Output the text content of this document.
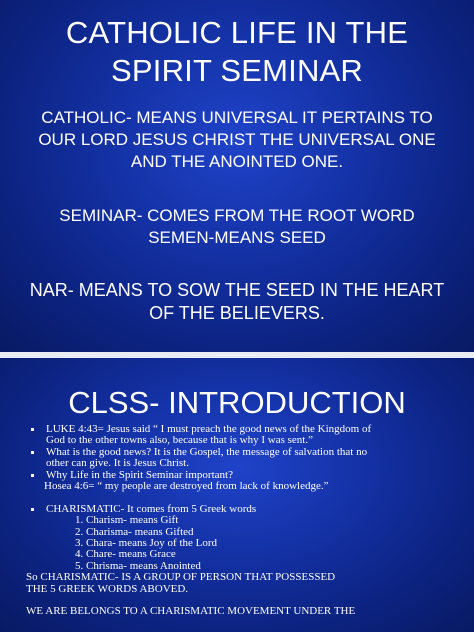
CATHOLIC LIFE IN THE
SPIRIT SEMINAR
CATHOLIC- MEANS UNIVERSAL IT PERTAINS TO
OUR LORD JESUS CHRIST THE UNIVERSAL ONE
AND THE ANOINTED ONE.
SEMINAR- COMES FROM THE ROOT WORD
SEMEN-MEANS SEED
NAR- MEANS TO SOW THE SEED IN THE HEART
OF THE BELIEVERS.
CLSS- INTRODUCTION
LUKE 4:43= Jesus said “ I must preach the good news of the Kingdom of
God to the other towns also, because that is why I was sent.”
What is the good news? It is the Gospel, the message of salvation that no
other can give. It is Jesus Christ.
Why Life in the Spirit Seminar important?
Hosea 4:6= “ my people are destroyed from lack of knowledge.”
CHARISMATIC- It comes from 5 Greek words
1. Charism- means Gift
2. Charisma- means Gifted
3. Chara- means Joy of the Lord
4. Chare- means Grace
5. Chrisma- means Anointed
So CHARISMATIC- IS A GROUP OF PERSON THAT POSSESSED
THE 5 GREEK WORDS ABOVED.
WE ARE BELONGS TO A CHARISMATIC MOVEMENT UNDER THE
